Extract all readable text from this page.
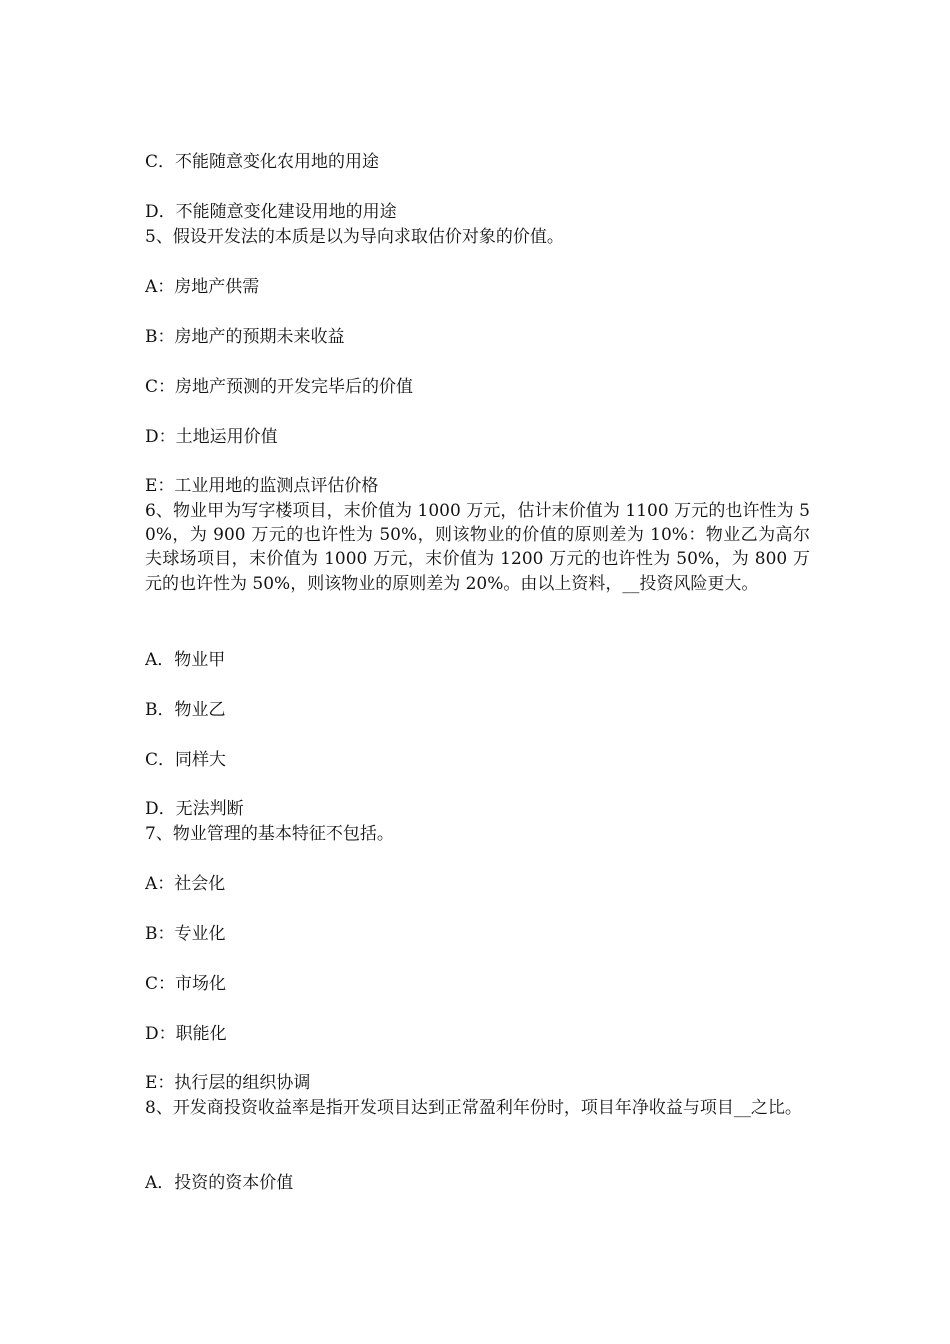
C．不能随意变化农用地的用途
D．不能随意变化建设用地的用途
5、假设开发法的本质是以为导向求取估价对象的价值。
A：房地产供需
B：房地产的预期未来收益
C：房地产预测的开发完毕后的价值
D：土地运用价值
E：工业用地的监测点评估价格
6、物业甲为写字楼项目，末价值为 1000 万元，估计末价值为 1100 万元的也许性为 50%，为 900 万元的也许性为 50%，则该物业的价值的原则差为 10%：物业乙为高尔夫球场项目，末价值为 1000 万元，末价值为 1200 万元的也许性为 50%，为 800 万元的也许性为 50%，则该物业的原则差为 20%。由以上资料，__投资风险更大。
A．物业甲
B．物业乙
C．同样大
D．无法判断
7、物业管理的基本特征不包括。
A：社会化
B：专业化
C：市场化
D：职能化
E：执行层的组织协调
8、开发商投资收益率是指开发项目达到正常盈利年份时，项目年净收益与项目__之比。
A．投资的资本价值
